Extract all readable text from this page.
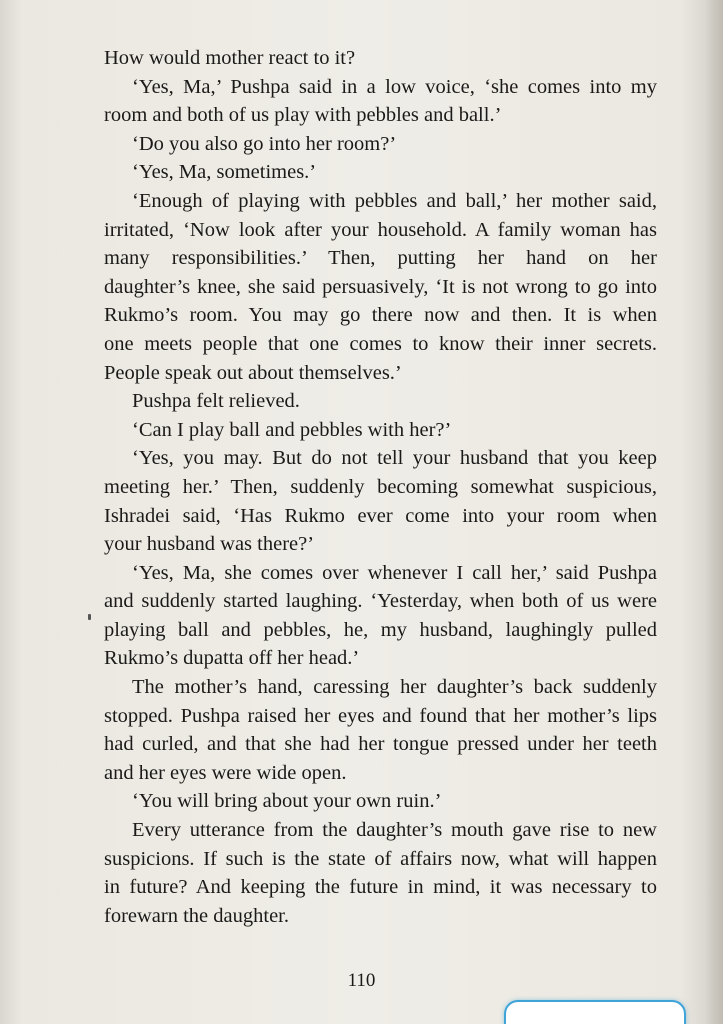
How would mother react to it?
‘Yes, Ma,’ Pushpa said in a low voice, ‘she comes into my
room and both of us play with pebbles and ball.’
‘Do you also go into her room?’
‘Yes, Ma, sometimes.’
‘Enough of playing with pebbles and ball,’ her mother said,
irritated, ‘Now look after your household. A family woman has
many responsibilities.’ Then, putting her hand on her
daughter’s knee, she said persuasively, ‘It is not wrong to go into
Rukmo’s room. You may go there now and then. It is when
one meets people that one comes to know their inner secrets.
People speak out about themselves.’
Pushpa felt relieved.
‘Can I play ball and pebbles with her?’
‘Yes, you may. But do not tell your husband that you keep
meeting her.’ Then, suddenly becoming somewhat suspicious,
Ishradei said, ‘Has Rukmo ever come into your room when
your husband was there?’
‘Yes, Ma, she comes over whenever I call her,’ said Pushpa
and suddenly started laughing. ‘Yesterday, when both of us were
playing ball and pebbles, he, my husband, laughingly pulled
Rukmo’s dupatta off her head.’
The mother’s hand, caressing her daughter’s back suddenly
stopped. Pushpa raised her eyes and found that her mother’s lips
had curled, and that she had her tongue pressed under her teeth
and her eyes were wide open.
‘You will bring about your own ruin.’
Every utterance from the daughter’s mouth gave rise to new
suspicions. If such is the state of affairs now, what will happen
in future? And keeping the future in mind, it was necessary to
forewarn the daughter.
110
